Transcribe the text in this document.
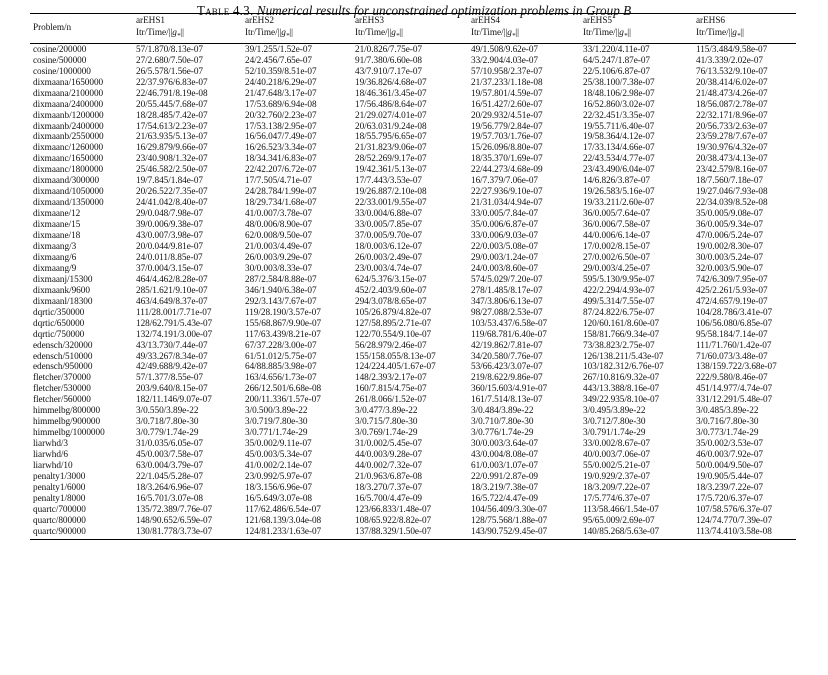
Table 4.3. Numerical results for unconstrained optimization problems in Group B
Problem/n	arEHS1	arEHS2	arEHS3	arEHS4	arEHS5	arEHS6
	Itr/$Time/||g_*||$	Itr/$Time/||g_*||$	Itr/$Time/||g_*||$	Itr/$Time/||g_*||$	Itr/$Time/||g_*||$	Itr/$Time/||g_*||$
cosine/200000	57/1.870/8.13e-07	39/1.255/1.52e-07	21/0.826/7.75e-07	49/1.508/9.62e-07	33/1.220/4.11e-07	115/3.484/9.58e-07
cosine/500000	27/2.680/7.50e-07	24/2.456/7.65e-07	91/7.380/6.60e-08	33/2.904/4.03e-07	64/5.247/1.87e-07	41/3.339/2.02e-07
cosine/1000000	26/5.578/1.56e-07	52/10.359/8.51e-07	43/7.910/7.17e-07	57/10.958/2.37e-07	22/5.106/6.87e-07	76/13.532/9.10e-07
dixmaana/1650000	22/37.976/6.83e-07	24/40.218/6.29e-07	19/36.826/4.68e-07	21/37.233/1.18e-08	25/38.100/7.38e-07	20/38.414/6.02e-07
dixmaana/2100000	22/46.791/8.19e-08	21/47.648/3.17e-07	18/46.361/3.45e-07	19/57.801/4.59e-07	18/48.106/2.98e-07	21/48.473/4.26e-07
dixmaana/2400000	20/55.445/7.68e-07	17/53.689/6.94e-08	17/56.486/8.64e-07	16/51.427/2.60e-07	16/52.860/3.02e-07	18/56.087/2.78e-07
dixmaanb/1200000	18/28.485/7.42e-07	20/32.760/2.23e-07	21/29.027/4.01e-07	20/29.932/4.51e-07	22/32.451/3.35e-07	22/32.171/8.96e-07
dixmaanb/2400000	17/54.613/2.23e-07	17/53.138/2.95e-07	20/63.031/9.24e-08	19/56.779/2.84e-07	19/55.711/6.40e-07	20/56.733/2.63e-07
dixmaanb/2550000	21/63.935/5.13e-07	16/56.047/7.49e-07	18/55.795/6.65e-07	19/57.703/1.76e-07	19/58.364/4.12e-07	23/59.278/7.67e-07
dixmaanc/1260000	16/29.879/9.66e-07	16/26.523/3.34e-07	21/31.823/9.06e-07	15/26.096/8.80e-07	17/33.134/4.66e-07	19/30.976/4.32e-07
dixmaanc/1650000	23/40.908/1.32e-07	18/34.341/6.83e-07	28/52.269/9.17e-07	18/35.370/1.69e-07	22/43.534/4.77e-07	20/38.473/4.13e-07
dixmaanc/1800000	25/46.582/2.50e-07	22/42.207/6.72e-07	19/42.361/5.13e-07	22/44.273/4.68e-09	23/43.490/6.04e-07	23/42.579/8.16e-07
dixmaand/300000	19/7.845/1.84e-07	17/7.505/4.71e-07	17/7.443/3.53e-07	16/7.379/7.06e-07	14/6.826/3.87e-07	18/7.560/7.18e-07
dixmaand/1050000	20/26.522/7.35e-07	24/28.784/1.99e-07	19/26.887/2.10e-08	22/27.936/9.10e-07	19/26.583/5.16e-07	19/27.046/7.93e-08
dixmaand/1350000	24/41.042/8.40e-07	18/29.734/1.68e-07	22/33.001/9.55e-07	21/31.034/4.94e-07	19/33.211/2.60e-07	22/34.039/8.52e-08
dixmaane/12	29/0.048/7.98e-07	41/0.007/3.78e-07	33/0.004/6.88e-07	33/0.005/7.84e-07	36/0.005/7.64e-07	35/0.005/9.08e-07
dixmaane/15	39/0.006/9.38e-07	48/0.006/8.90e-07	33/0.005/7.85e-07	35/0.006/6.87e-07	36/0.006/7.58e-07	36/0.005/9.34e-07
dixmaane/18	43/0.007/3.98e-07	62/0.008/9.50e-07	37/0.005/9.70e-07	33/0.006/9.03e-07	44/0.006/6.14e-07	47/0.006/5.24e-07
dixmaang/3	20/0.044/9.81e-07	21/0.003/4.49e-07	18/0.003/6.12e-07	22/0.003/5.08e-07	17/0.002/8.15e-07	19/0.002/8.30e-07
dixmaang/6	24/0.011/8.85e-07	26/0.003/9.29e-07	26/0.003/2.49e-07	29/0.003/1.24e-07	27/0.002/6.50e-07	30/0.003/5.24e-07
dixmaang/9	37/0.004/3.15e-07	30/0.003/8.33e-07	23/0.003/4.74e-07	24/0.003/8.60e-07	29/0.003/4.25e-07	32/0.003/5.90e-07
dixmaanj/15300	464/4.462/8.28e-07	287/2.584/8.88e-07	624/5.376/3.15e-07	574/5.029/7.20e-07	595/5.130/9.95e-07	742/6.309/7.95e-07
dixmaank/9600	285/1.621/9.10e-07	346/1.940/6.38e-07	452/2.403/9.60e-07	278/1.485/8.17e-07	422/2.294/4.93e-07	425/2.261/5.93e-07
dixmaanl/18300	463/4.649/8.37e-07	292/3.143/7.67e-07	294/3.078/8.65e-07	347/3.806/6.13e-07	499/5.314/7.55e-07	472/4.657/9.19e-07
dqrtic/350000	111/28.001/7.71e-07	119/28.190/3.57e-07	105/26.879/4.82e-07	98/27.088/2.53e-07	87/24.822/6.75e-07	104/28.786/3.41e-07
dqrtic/650000	128/62.791/5.43e-07	155/68.867/9.90e-07	127/58.895/2.71e-07	103/53.437/6.58e-07	120/60.161/8.60e-07	106/56.080/6.85e-07
dqrtic/750000	132/74.191/3.00e-07	117/63.439/8.21e-07	122/70.554/9.10e-07	119/68.781/6.40e-07	158/81.766/9.34e-07	95/58.184/7.14e-07
edensch/320000	43/13.730/7.44e-07	67/37.228/3.00e-07	56/28.979/2.46e-07	42/19.862/7.81e-07	73/38.823/2.75e-07	111/71.760/1.42e-07
edensch/510000	49/33.267/8.34e-07	61/51.012/5.75e-07	155/158.055/8.13e-07	34/20.580/7.76e-07	126/138.211/5.43e-07	71/60.073/3.48e-07
edensch/950000	42/49.688/9.42e-07	64/88.885/3.98e-07	124/224.405/1.67e-07	53/66.423/3.07e-07	103/182.312/6.76e-07	138/159.722/3.68e-07
fletcher/370000	57/1.377/8.55e-07	163/4.656/1.73e-07	148/2.393/2.17e-07	219/8.622/9.86e-07	267/10.816/9.32e-07	222/9.580/8.46e-07
fletcher/530000	203/9.640/8.15e-07	266/12.501/6.68e-08	160/7.815/4.75e-07	360/15.603/4.91e-07	443/13.388/8.16e-07	451/14.977/4.74e-07
fletcher/560000	182/11.146/9.07e-07	200/11.336/1.57e-07	261/8.066/1.52e-07	161/7.514/8.13e-07	349/22.935/8.10e-07	331/12.291/5.48e-07
himmelbg/800000	3/0.550/3.89e-22	3/0.500/3.89e-22	3/0.477/3.89e-22	3/0.484/3.89e-22	3/0.495/3.89e-22	3/0.485/3.89e-22
himmelbg/900000	3/0.718/7.80e-30	3/0.719/7.80e-30	3/0.715/7.80e-30	3/0.710/7.80e-30	3/0.712/7.80e-30	3/0.716/7.80e-30
himmelbg/1000000	3/0.779/1.74e-29	3/0.771/1.74e-29	3/0.769/1.74e-29	3/0.776/1.74e-29	3/0.791/1.74e-29	3/0.773/1.74e-29
liarwhd/3	31/0.035/6.05e-07	35/0.002/9.11e-07	31/0.002/5.45e-07	30/0.003/3.64e-07	33/0.002/8.67e-07	35/0.002/3.53e-07
liarwhd/6	45/0.003/7.58e-07	45/0.003/5.34e-07	44/0.003/9.28e-07	43/0.004/8.08e-07	40/0.003/7.06e-07	46/0.003/7.92e-07
liarwhd/10	63/0.004/3.79e-07	41/0.002/2.14e-07	44/0.002/7.32e-07	61/0.003/1.07e-07	55/0.002/5.21e-07	50/0.004/9.50e-07
penalty1/3000	22/1.045/5.28e-07	23/0.992/5.97e-07	21/0.963/6.87e-08	22/0.991/2.87e-09	19/0.929/2.37e-07	19/0.905/5.44e-07
penalty1/6000	18/3.264/6.96e-07	18/3.156/6.96e-07	18/3.270/7.37e-07	18/3.219/7.38e-07	18/3.209/7.22e-07	18/3.239/7.22e-07
penalty1/8000	16/5.701/3.07e-08	16/5.649/3.07e-08	16/5.700/4.47e-09	16/5.722/4.47e-09	17/5.774/6.37e-07	17/5.720/6.37e-07
quartc/700000	135/72.389/7.76e-07	117/62.486/6.54e-07	123/66.833/1.48e-07	104/56.409/3.30e-07	113/58.466/1.54e-07	107/58.576/6.37e-07
quartc/800000	148/90.652/6.59e-07	121/68.139/3.04e-08	108/65.922/8.82e-07	128/75.568/1.88e-07	95/65.009/2.69e-07	124/74.770/7.39e-07
quartc/900000	130/81.778/3.73e-07	124/81.233/1.63e-07	137/88.329/1.50e-07	143/90.752/9.45e-07	140/85.268/5.63e-07	113/74.410/3.58e-08
